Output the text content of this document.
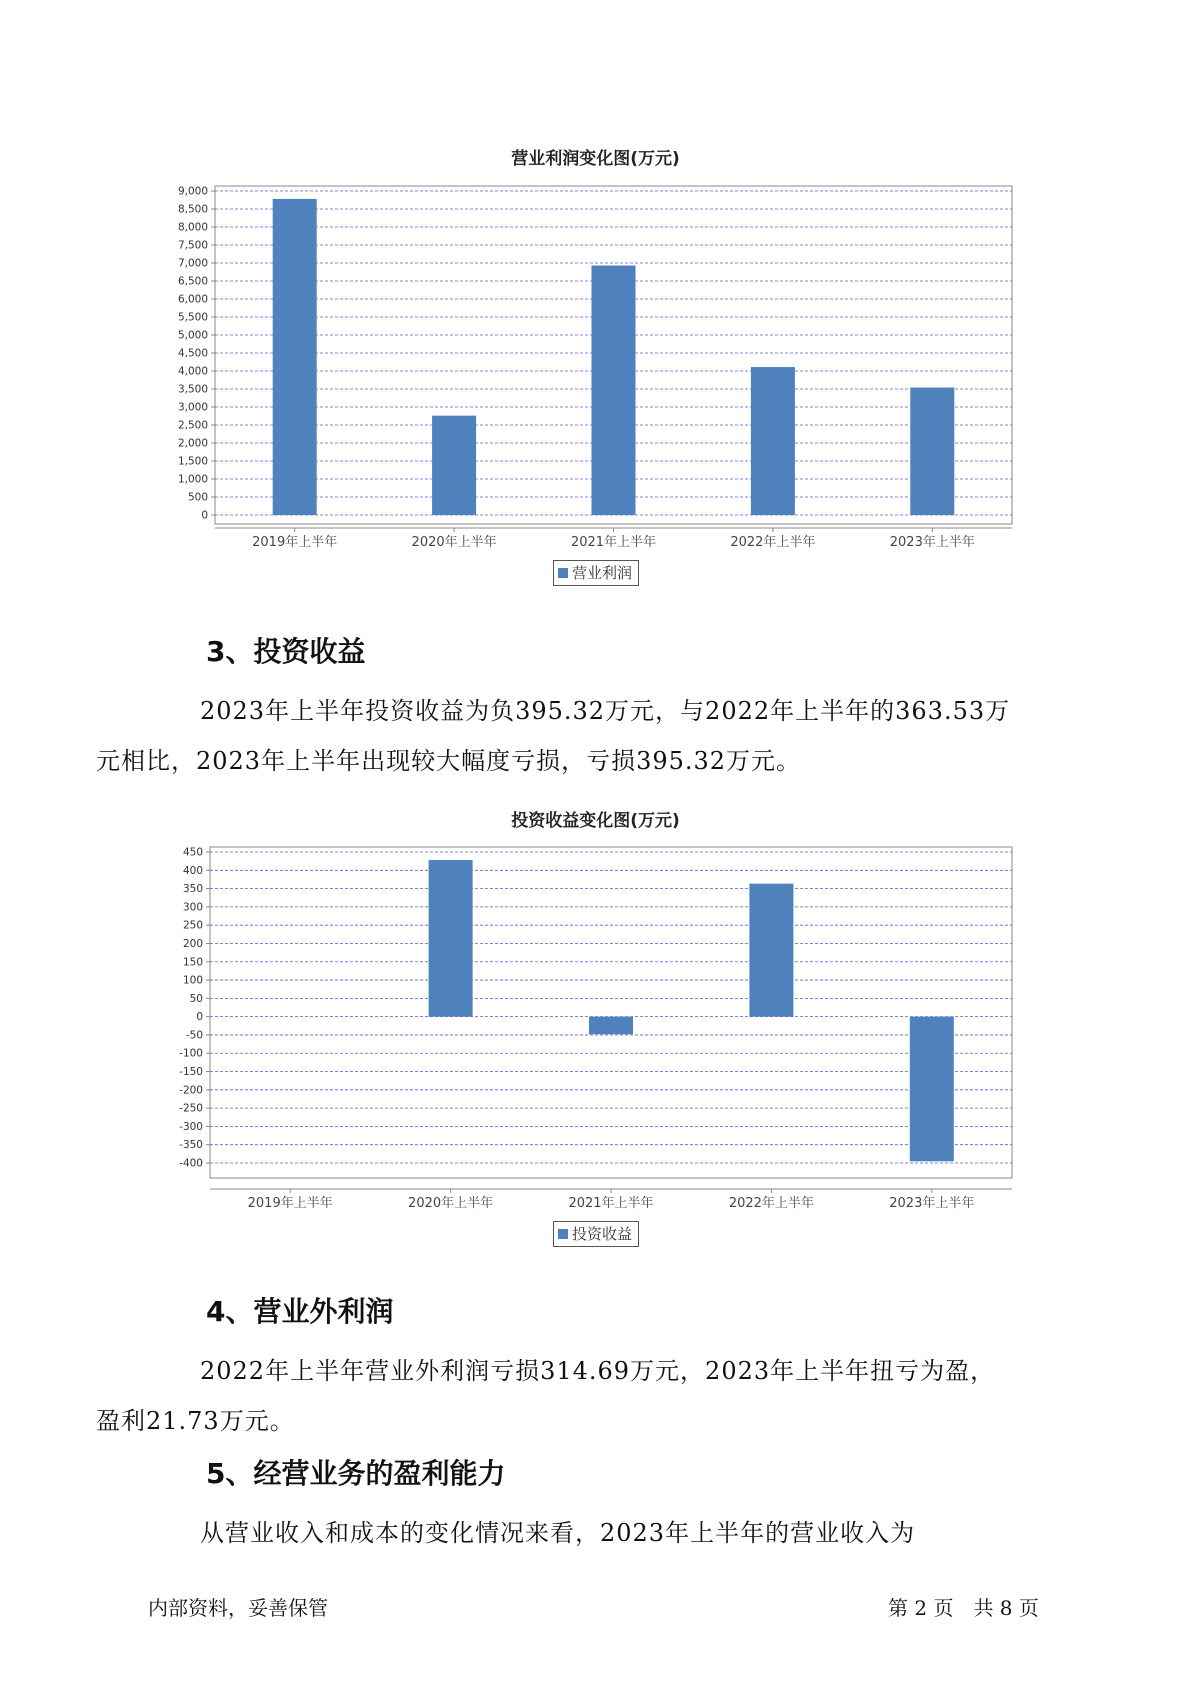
营业利润变化图(万元)
0
500
1,000
1,500
2,000
2,500
3,000
3,500
4,000
4,500
5,000
5,500
6,000
6,500
7,000
7,500
8,000
8,500
9,000
2019年上半年	2020年上半年	2021年上半年	2022年上半年	2023年上半年
营业利润
3、投资收益
2023年上半年投资收益为负395.32万元，与2022年上半年的363.53万
元相比，2023年上半年出现较大幅度亏损，亏损395.32万元。
投资收益变化图(万元)
-400
-350
-300
-250
-200
-150
-100
-50
0
50
100
150
200
250
300
350
400
450
2019年上半年	2020年上半年	2021年上半年	2022年上半年	2023年上半年
投资收益
4、营业外利润
2022年上半年营业外利润亏损314.69万元，2023年上半年扭亏为盈，
盈利21.73万元。
5、经营业务的盈利能力
从营业收入和成本的变化情况来看，2023年上半年的营业收入为
内部资料，妥善保管	第 2 页　共 8 页
